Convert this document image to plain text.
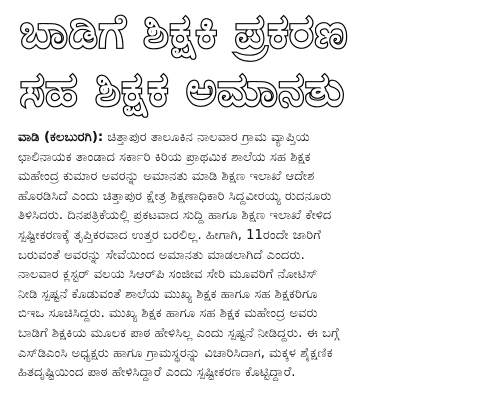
ಬಾಡಿಗೆ ಶಿಕ್ಷಕಿ ಪ್ರಕರಣ
ಸಹ ಶಿಕ್ಷಕ ಅಮಾನತು
ವಾಡಿ (ಕಲಬುರಗಿ): ಚಿತ್ತಾಪುರ ತಾಲೂಕಿನ ನಾಲವಾರ ಗ್ರಾಮ ವ್ಯಾಪ್ತಿಯ
ಛಾಲಿನಾಯಕ ತಾಂಡಾದ ಸರ್ಕಾರಿ ಕಿರಿಯ ಪ್ರಾಥಮಿಕ ಶಾಲೆಯ ಸಹ ಶಿಕ್ಷಕ
ಮಹೇಂದ್ರ ಕುಮಾರ ಅವರನ್ನು ಅಮಾನತು ಮಾಡಿ ಶಿಕ್ಷಣ ಇಲಾಖೆ ಆದೇಶ
ಹೊರಡಿಸಿದೆ ಎಂದು ಚಿತ್ತಾಪುರ ಕ್ಷೇತ್ರ ಶಿಕ್ಷಣಾಧಿಕಾರಿ ಸಿದ್ದವೀರಯ್ಯ ರುದನೂರು
ತಿಳಿಸಿದರು. ದಿನಪತ್ರಿಕೆಯಲ್ಲಿ ಪ್ರಕಟವಾದ ಸುದ್ದಿ ಹಾಗೂ ಶಿಕ್ಷಣ ಇಲಾಖೆ ಕೇಳಿದ
ಸ್ಪಷ್ಟೀಕರಣಕ್ಕೆ ತೃಪ್ತಿಕರವಾದ ಉತ್ತರ ಬರಲಿಲ್ಲ. ಹೀಗಾಗಿ, 11ರಂದೇ ಜಾರಿಗೆ
ಬರುವಂತೆ ಅವರನ್ನು ಸೇವೆಯಿಂದ ಅಮಾನತು ಮಾಡಲಾಗಿದೆ ಎಂದರು.
ನಾಲವಾರ ಕ್ಲಸ್ಟರ್ ವಲಯ ಸಿಆರ್‌ಪಿ ಸಂಜೀವ ಸೇರಿ ಮೂವರಿಗೆ ನೋಟಿಸ್
ನೀಡಿ ಸ್ಪಷ್ಟನೆ ಕೊಡುವಂತೆ ಶಾಲೆಯ ಮುಖ್ಯ ಶಿಕ್ಷಕ ಹಾಗೂ ಸಹ ಶಿಕ್ಷಕರಿಗೂ
ಬಿಇಒ ಸೂಚಿಸಿದ್ದರು. ಮುಖ್ಯ ಶಿಕ್ಷಕ ಹಾಗೂ ಸಹ ಶಿಕ್ಷಕ ಮಹೇಂದ್ರ ಅವರು
ಬಾಡಿಗೆ ಶಿಕ್ಷಕಿಯ ಮೂಲಕ ಪಾಠ ಹೇಳಿಸಿಲ್ಲ ಎಂದು ಸ್ಪಷ್ಟನೆ ನೀಡಿದ್ದರು. ಈ ಬಗ್ಗೆ
ಎಸ್‌ಡಿಎಂಸಿ ಅಧ್ಯಕ್ಷರು ಹಾಗೂ ಗ್ರಾಮಸ್ಥರನ್ನು ವಿಚಾರಿಸಿದಾಗ, ಮಕ್ಕಳ ಶೈಕ್ಷಣಿಕ
ಹಿತದೃಷ್ಟಿಯಿಂದ ಪಾಠ ಹೇಳಿಸಿದ್ದಾರೆ ಎಂದು ಸ್ಪಷ್ಟೀಕರಣ ಕೊಟ್ಟಿದ್ದಾರೆ.
